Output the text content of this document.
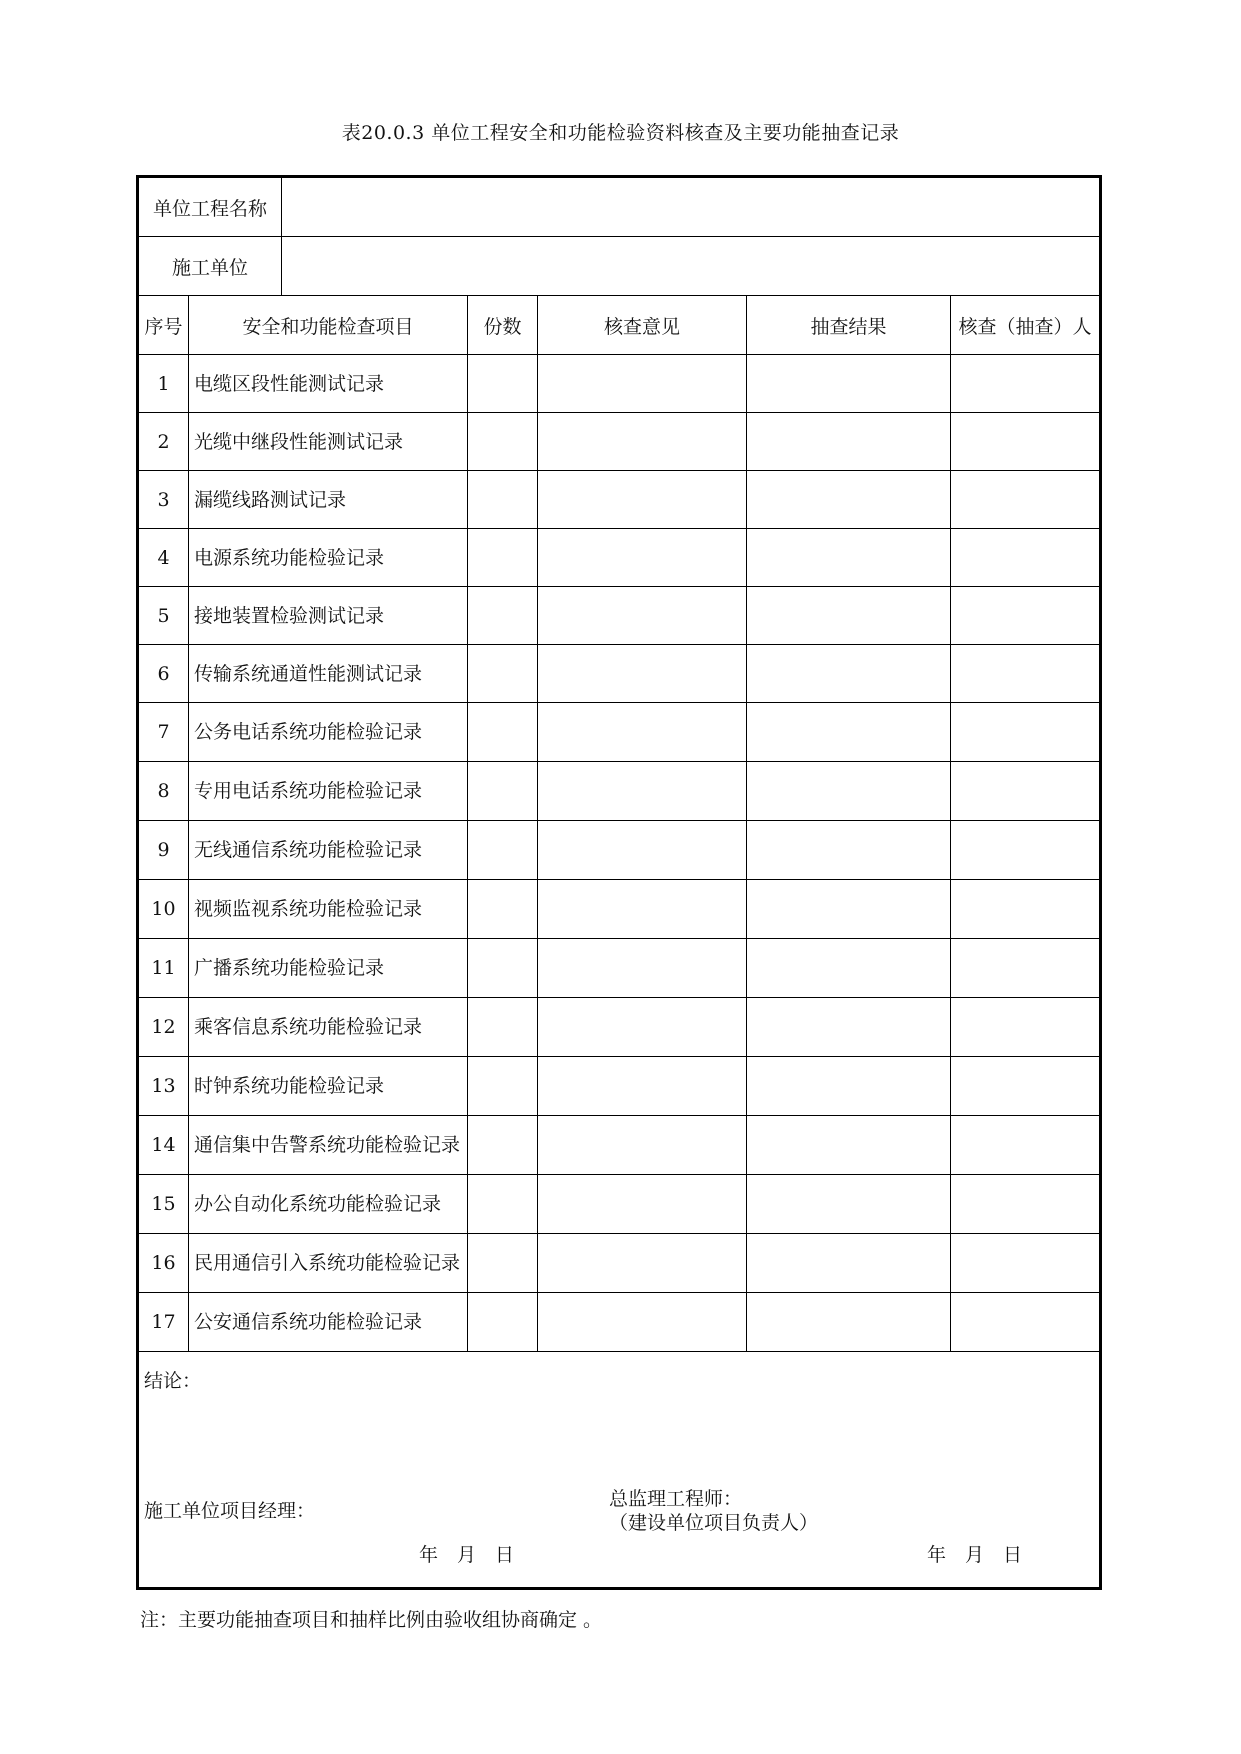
表20.0.3 单位工程安全和功能检验资料核查及主要功能抽查记录
单位工程名称
施工单位
序号	安全和功能检查项目	份数	核查意见	抽查结果	核查（抽查）人
1	电缆区段性能测试记录
2	光缆中继段性能测试记录
3	漏缆线路测试记录
4	电源系统功能检验记录
5	接地装置检验测试记录
6	传输系统通道性能测试记录
7	公务电话系统功能检验记录
8	专用电话系统功能检验记录
9	无线通信系统功能检验记录
10 视频监视系统功能检验记录
11 广播系统功能检验记录
12 乘客信息系统功能检验记录
13 时钟系统功能检验记录
14 通信集中告警系统功能检验记录
15 办公自动化系统功能检验记录
16 民用通信引入系统功能检验记录
17 公安通信系统功能检验记录
结论：
施工单位项目经理：
总监理工程师：
（建设单位项目负责人）
年　月　日	年　月　日
注：主要功能抽查项目和抽样比例由验收组协商确定 。
